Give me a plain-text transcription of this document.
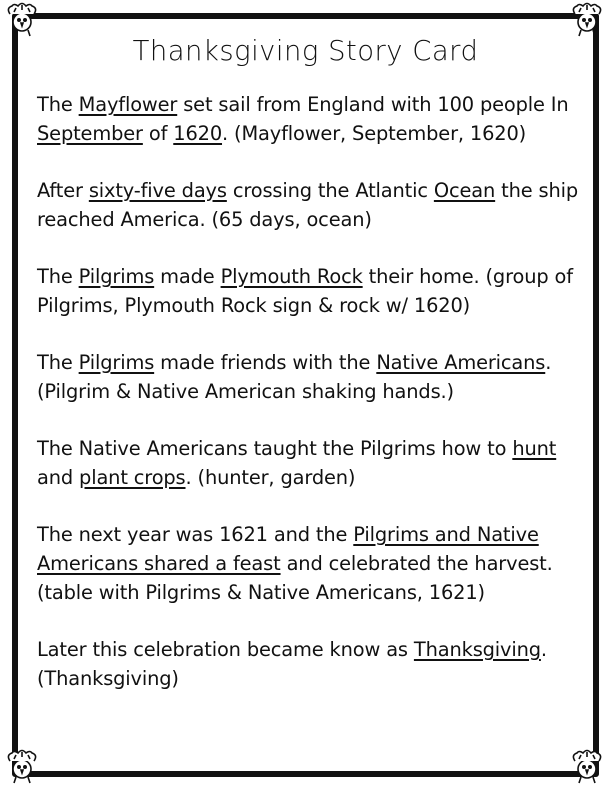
Thanksgiving Story Card

The Mayflower set sail from England with 100 people In September of 1620. (Mayflower, September, 1620)

After sixty-five days crossing the Atlantic Ocean the ship reached America. (65 days, ocean)

The Pilgrims made Plymouth Rock their home. (group of Pilgrims, Plymouth Rock sign & rock w/ 1620)

The Pilgrims made friends with the Native Americans. (Pilgrim & Native American shaking hands.)

The Native Americans taught the Pilgrims how to hunt and plant crops. (hunter, garden)

The next year was 1621 and the Pilgrims and Native Americans shared a feast and celebrated the harvest. (table with Pilgrims & Native Americans, 1621)

Later this celebration became know as Thanksgiving. (Thanksgiving)
